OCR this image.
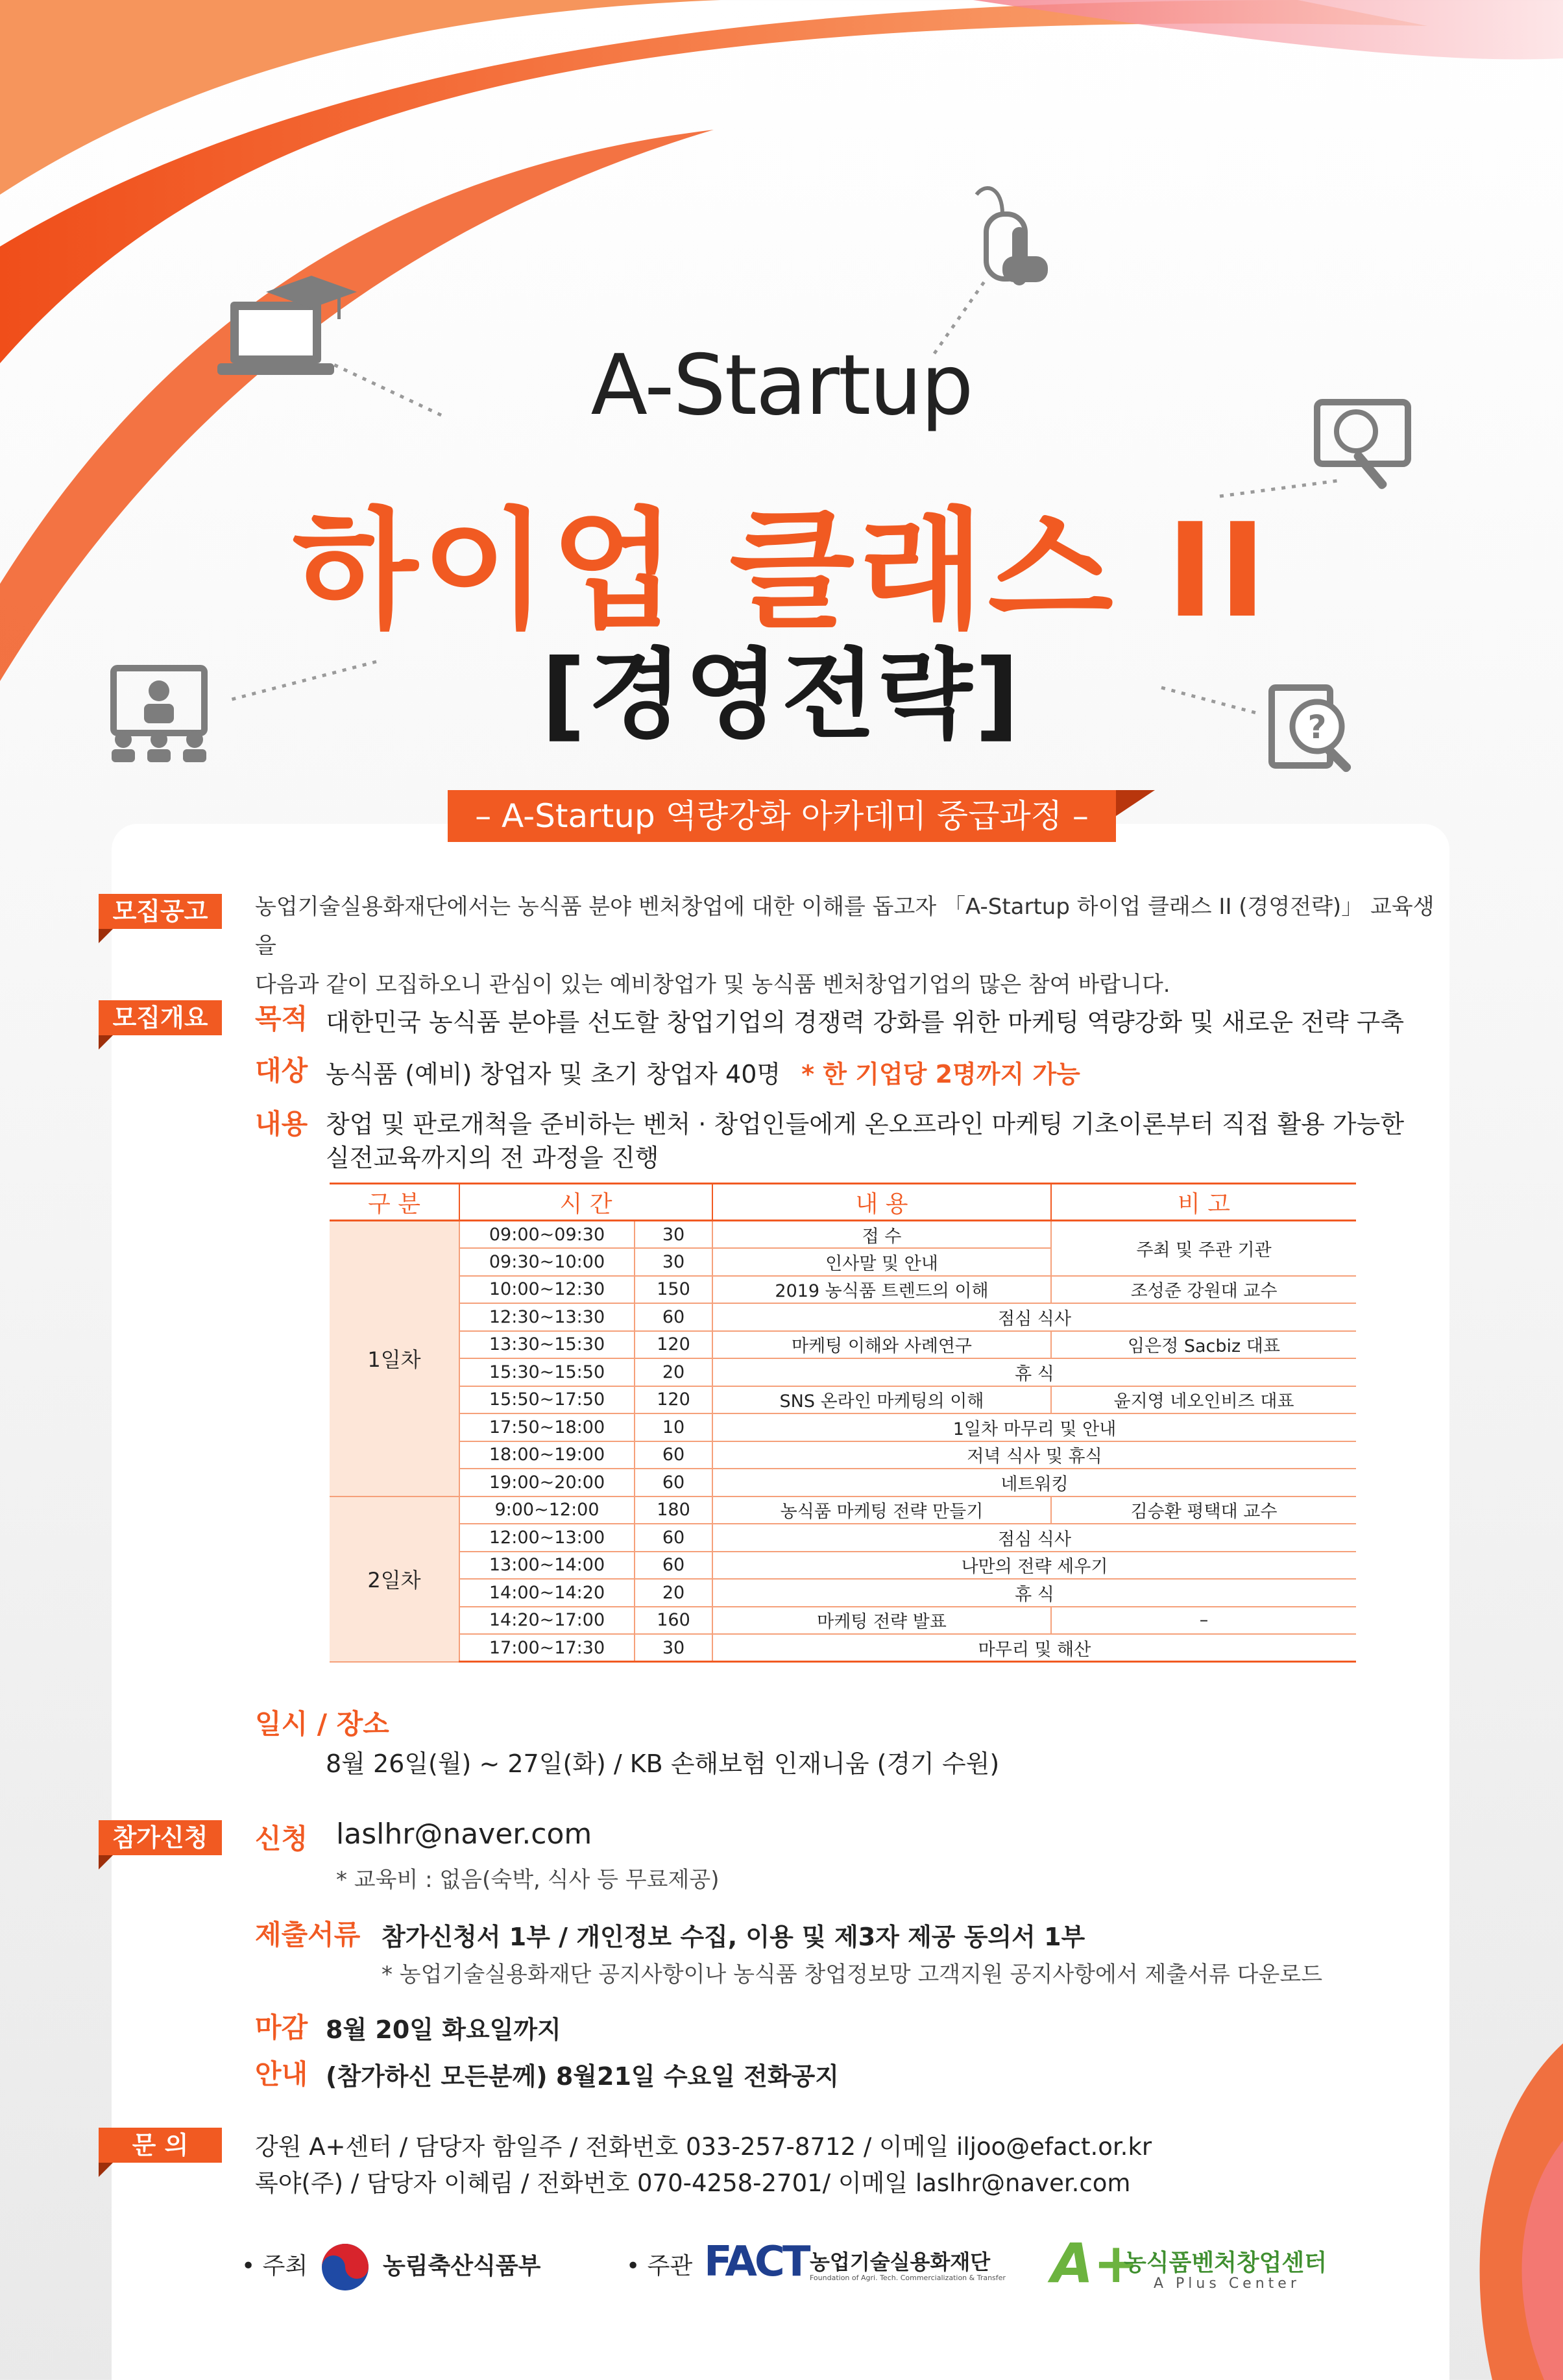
?
A-Startup
하이업 클래스 II
[경영전략]
– A-Startup 역량강화 아카데미 중급과정 –
모집공고	농업기술실용화재단에서는 농식품 분야 벤처창업에 대한 이해를 돕고자 「A-Startup 하이업 클래스 II (경영전략)」 교육생을
다음과 같이 모집하오니 관심이 있는 예비창업가 및 농식품 벤처창업기업의 많은 참여 바랍니다.
모집개요	목적 대한민국 농식품 분야를 선도할 창업기업의 경쟁력 강화를 위한 마케팅 역량강화 및 새로운 전략 구축
대상 농식품 (예비) 창업자 및 초기 창업자 40명 * 한 기업당 2명까지 가능
내용 창업 및 판로개척을 준비하는 벤처 · 창업인들에게 온오프라인 마케팅 기초이론부터 직접 활용 가능한
실전교육까지의 전 과정을 진행
구 분	시 간		내 용	비 고
1일차	09:00~09:30	30	접 수	주최 및 주관 기관
	09:30~10:00	30	인사말 및 안내	
	10:00~12:30	150	2019 농식품 트렌드의 이해	조성준 강원대 교수
	12:30~13:30	60	점심 식사	
	13:30~15:30	120	마케팅 이해와 사례연구	임은정 Sacbiz 대표
	15:30~15:50	20	휴 식	
	15:50~17:50	120	SNS 온라인 마케팅의 이해	윤지영 네오인비즈 대표
	17:50~18:00	10	1일차 마무리 및 안내	
	18:00~19:00	60	저녁 식사 및 휴식	
	19:00~20:00	60	네트워킹	
2일차	9:00~12:00	180	농식품 마케팅 전략 만들기	김승환 평택대 교수
	12:00~13:00	60	점심 식사	
	13:00~14:00	60	나만의 전략 세우기	
	14:00~14:20	20	휴 식	
	14:20~17:00	160	마케팅 전략 발표	–
	17:00~17:30	30	마무리 및 해산	
일시 / 장소
8월 26일(월) ~ 27일(화) / KB 손해보험 인재니움 (경기 수원)
참가신청	신청 laslhr@naver.com
* 교육비 : 없음(숙박, 식사 등 무료제공)
제출서류 참가신청서 1부 / 개인정보 수집, 이용 및 제3자 제공 동의서 1부
* 농업기술실용화재단 공지사항이나 농식품 창업정보망 고객지원 공지사항에서 제출서류 다운로드
마감 8월 20일 화요일까지
안내 (참가하신 모든분께) 8월21일 수요일 전화공지
문 의	강원 A+센터 / 담당자 함일주 / 전화번호 033-257-8712 / 이메일 iljoo@efact.or.kr
록야(주) / 담당자 이혜림 / 전화번호 070-4258-2701/ 이메일 laslhr@naver.com
• 주최	농림축산식품부	• 주관 FACT 농업기술실용화재단
Foundation of Agri. Tech. Commercialization & Transfer A+
농식품벤처창업센터
A Plus Center
